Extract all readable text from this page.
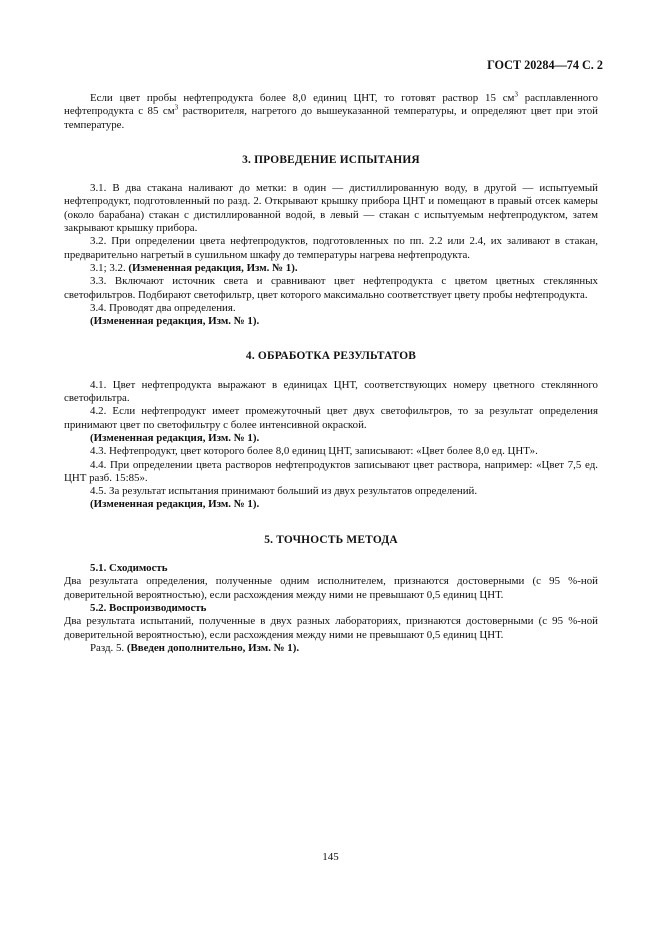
ГОСТ 20284—74 С. 2

Если цвет пробы нефтепродукта более 8,0 единиц ЦНТ, то готовят раствор 15 $см^3$ расплавленного нефтепродукта с 85 $см^3$ растворителя, нагретого до вышеуказанной температуры, и определяют цвет при этой температуре.

3. ПРОВЕДЕНИЕ ИСПЫТАНИЯ

3.1. В два стакана наливают до метки: в один — дистиллированную воду, в другой — испытуемый нефтепродукт, подготовленный по разд. 2. Открывают крышку прибора ЦНТ и помещают в правый отсек камеры (около барабана) стакан с дистиллированной водой, в левый — стакан с испытуемым нефтепродуктом, затем закрывают крышку прибора.

3.2. При определении цвета нефтепродуктов, подготовленных по пп. 2.2 или 2.4, их заливают в стакан, предварительно нагретый в сушильном шкафу до температуры нагрева нефтепродукта.

3.1; 3.2. (Измененная редакция, Изм. № 1).

3.3. Включают источник света и сравнивают цвет нефтепродукта с цветом цветных стеклянных светофильтров. Подбирают светофильтр, цвет которого максимально соответствует цвету пробы нефтепродукта.

3.4. Проводят два определения.

(Измененная редакция, Изм. № 1).

4. ОБРАБОТКА РЕЗУЛЬТАТОВ

4.1. Цвет нефтепродукта выражают в единицах ЦНТ, соответствующих номеру цветного стеклянного светофильтра.

4.2. Если нефтепродукт имеет промежуточный цвет двух светофильтров, то за результат определения принимают цвет по светофильтру с более интенсивной окраской.

(Измененная редакция, Изм. № 1).

4.3. Нефтепродукт, цвет которого более 8,0 единиц ЦНТ, записывают: «Цвет более 8,0 ед. ЦНТ».

4.4. При определении цвета растворов нефтепродуктов записывают цвет раствора, например: «Цвет 7,5 ед. ЦНТ разб. 15:85».

4.5. За результат испытания принимают больший из двух результатов определений.

(Измененная редакция, Изм. № 1).

5. ТОЧНОСТЬ МЕТОДА

5.1. Сходимость

Два результата определения, полученные одним исполнителем, признаются достоверными (с 95 %-ной доверительной вероятностью), если расхождения между ними не превышают 0,5 единиц ЦНТ.

5.2. Воспроизводимость

Два результата испытаний, полученные в двух разных лабораториях, признаются достоверными (с 95 %-ной доверительной вероятностью), если расхождения между ними не превышают 0,5 единиц ЦНТ.

Разд. 5. (Введен дополнительно, Изм. № 1).

145
